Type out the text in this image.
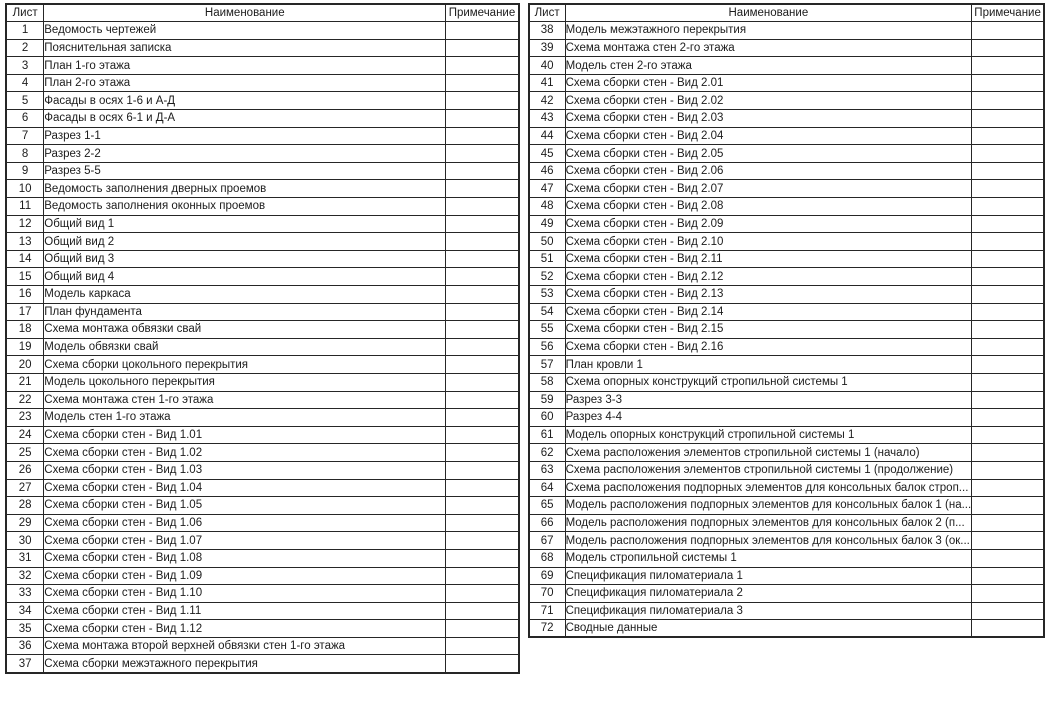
Лист	Наименование	Примечание
1	Ведомость чертежей	
2	Пояснительная записка	
3	План 1-го этажа	
4	План 2-го этажа	
5	Фасады в осях 1-6 и А-Д	
6	Фасады в осях 6-1 и Д-А	
7	Разрез 1-1	
8	Разрез 2-2	
9	Разрез 5-5	
10	Ведомость заполнения дверных проемов	
11	Ведомость заполнения оконных проемов	
12	Общий вид 1	
13	Общий вид 2	
14	Общий вид 3	
15	Общий вид 4	
16	Модель каркаса	
17	План фундамента	
18	Схема монтажа обвязки свай	
19	Модель обвязки свай	
20	Схема сборки цокольного перекрытия	
21	Модель цокольного перекрытия	
22	Схема монтажа стен 1-го этажа	
23	Модель стен 1-го этажа	
24	Схема сборки стен - Вид 1.01	
25	Схема сборки стен - Вид 1.02	
26	Схема сборки стен - Вид 1.03	
27	Схема сборки стен - Вид 1.04	
28	Схема сборки стен - Вид 1.05	
29	Схема сборки стен - Вид 1.06	
30	Схема сборки стен - Вид 1.07	
31	Схема сборки стен - Вид 1.08	
32	Схема сборки стен - Вид 1.09	
33	Схема сборки стен - Вид 1.10	
34	Схема сборки стен - Вид 1.11	
35	Схема сборки стен - Вид 1.12	
36	Схема монтажа второй верхней обвязки стен 1-го этажа	
37	Схема сборки межэтажного перекрытия	
Лист	Наименование	Примечание
38	Модель межэтажного перекрытия	
39	Схема монтажа стен 2-го этажа	
40	Модель стен 2-го этажа	
41	Схема сборки стен - Вид 2.01	
42	Схема сборки стен - Вид 2.02	
43	Схема сборки стен - Вид 2.03	
44	Схема сборки стен - Вид 2.04	
45	Схема сборки стен - Вид 2.05	
46	Схема сборки стен - Вид 2.06	
47	Схема сборки стен - Вид 2.07	
48	Схема сборки стен - Вид 2.08	
49	Схема сборки стен - Вид 2.09	
50	Схема сборки стен - Вид 2.10	
51	Схема сборки стен - Вид 2.11	
52	Схема сборки стен - Вид 2.12	
53	Схема сборки стен - Вид 2.13	
54	Схема сборки стен - Вид 2.14	
55	Схема сборки стен - Вид 2.15	
56	Схема сборки стен - Вид 2.16	
57	План кровли 1	
58	Схема опорных конструкций стропильной системы 1	
59	Разрез 3-3	
60	Разрез 4-4	
61	Модель опорных конструкций стропильной системы 1	
62	Схема расположения элементов стропильной системы 1 (начало)	
63	Схема расположения элементов стропильной системы 1 (продолжение)	
64	Схема расположения подпорных элементов для консольных балок строп...	
65	Модель расположения подпорных элементов для консольных балок 1 (на...	
66	Модель расположения подпорных элементов для консольных балок 2 (п...	
67	Модель расположения подпорных элементов для консольных балок 3 (ок...	
68	Модель стропильной системы 1	
69	Спецификация пиломатериала 1	
70	Спецификация пиломатериала 2	
71	Спецификация пиломатериала 3	
72	Сводные данные	
